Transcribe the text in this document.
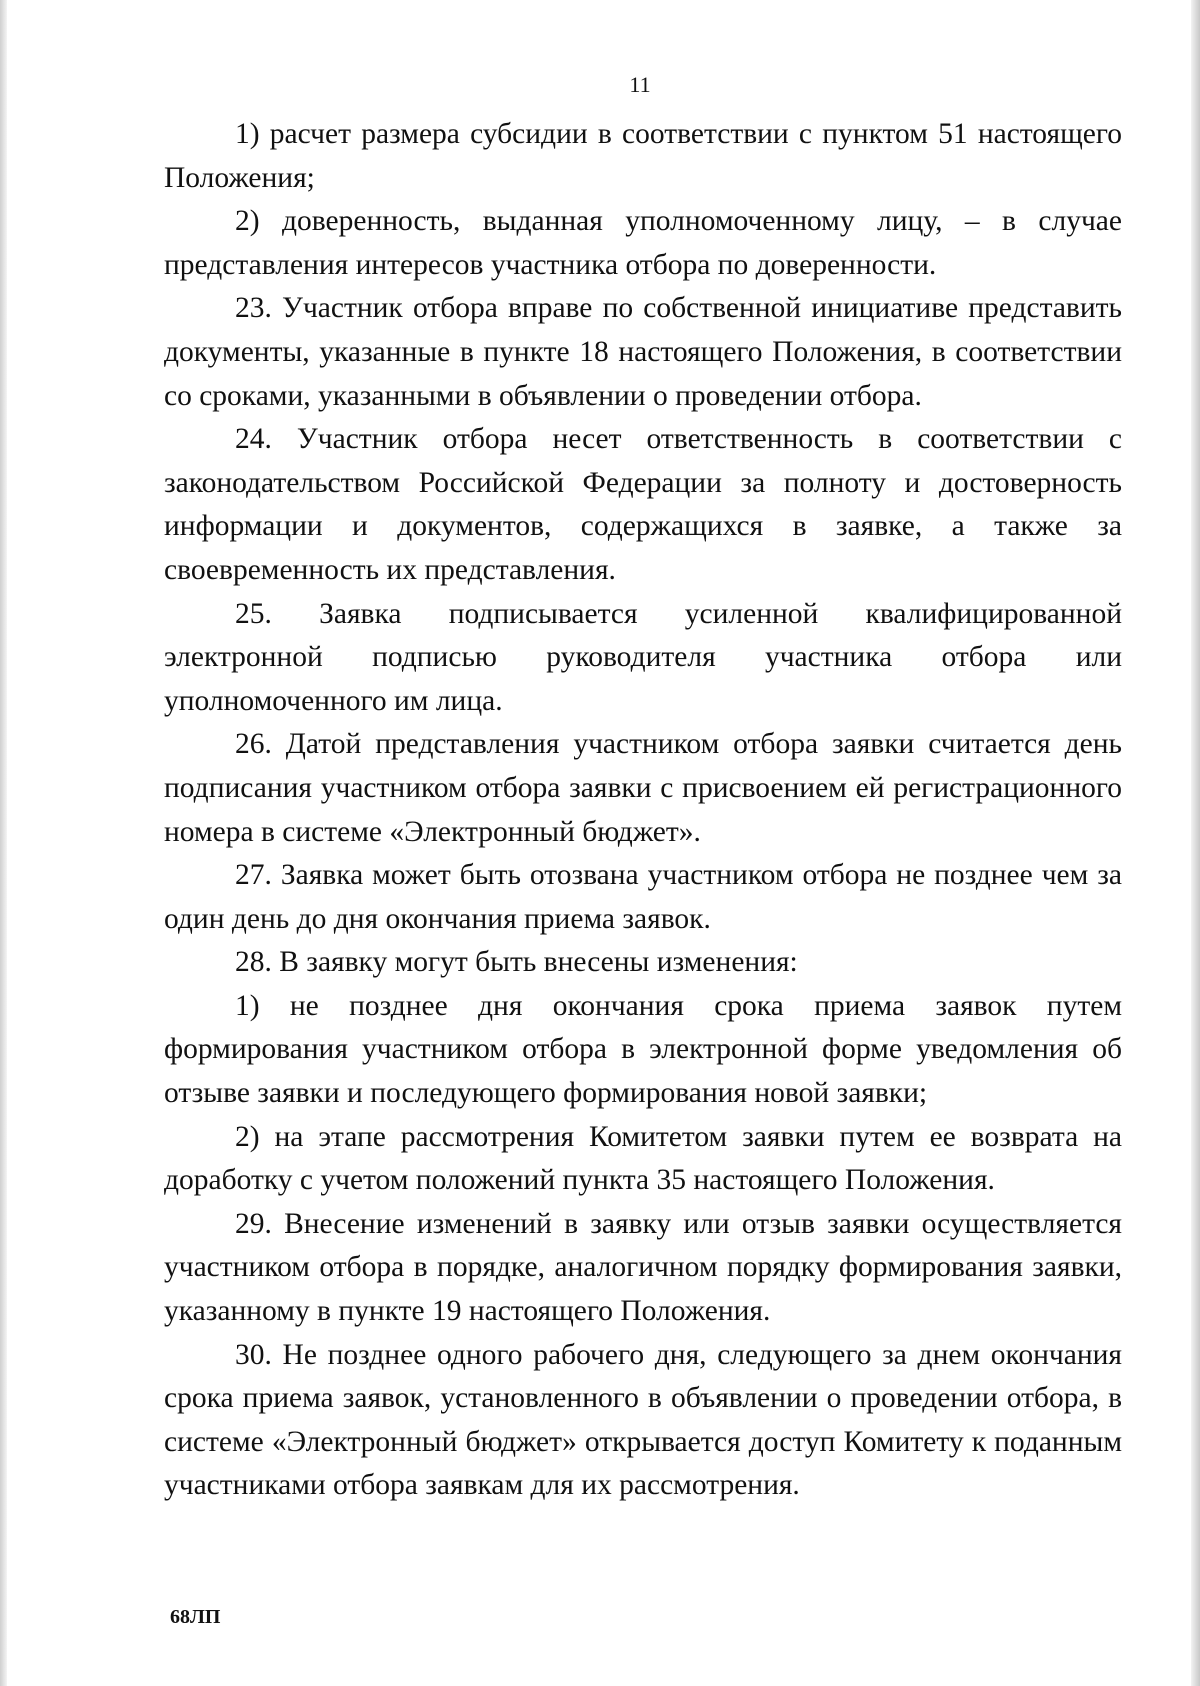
11

1) расчет размера субсидии в соответствии с пунктом 51 настоящего Положения;

2) доверенность, выданная уполномоченному лицу, – в случае представления интересов участника отбора по доверенности.

23. Участник отбора вправе по собственной инициативе представить документы, указанные в пункте 18 настоящего Положения, в соответствии со сроками, указанными в объявлении о проведении отбора.

24. Участник отбора несет ответственность в соответствии с законодательством Российской Федерации за полноту и достоверность информации и документов, содержащихся в заявке, а также за своевременность их представления.

25. Заявка подписывается усиленной квалифицированной электронной подписью руководителя участника отбора или уполномоченного им лица.

26. Датой представления участником отбора заявки считается день подписания участником отбора заявки с присвоением ей регистрационного номера в системе «Электронный бюджет».

27. Заявка может быть отозвана участником отбора не позднее чем за один день до дня окончания приема заявок.

28. В заявку могут быть внесены изменения:

1) не позднее дня окончания срока приема заявок путем формирования участником отбора в электронной форме уведомления об отзыве заявки и последующего формирования новой заявки;

2) на этапе рассмотрения Комитетом заявки путем ее возврата на доработку с учетом положений пункта 35 настоящего Положения.

29. Внесение изменений в заявку или отзыв заявки осуществляется участником отбора в порядке, аналогичном порядку формирования заявки, указанному в пункте 19 настоящего Положения.

30. Не позднее одного рабочего дня, следующего за днем окончания срока приема заявок, установленного в объявлении о проведении отбора, в системе «Электронный бюджет» открывается доступ Комитету к поданным участниками отбора заявкам для их рассмотрения.

68ЛП
